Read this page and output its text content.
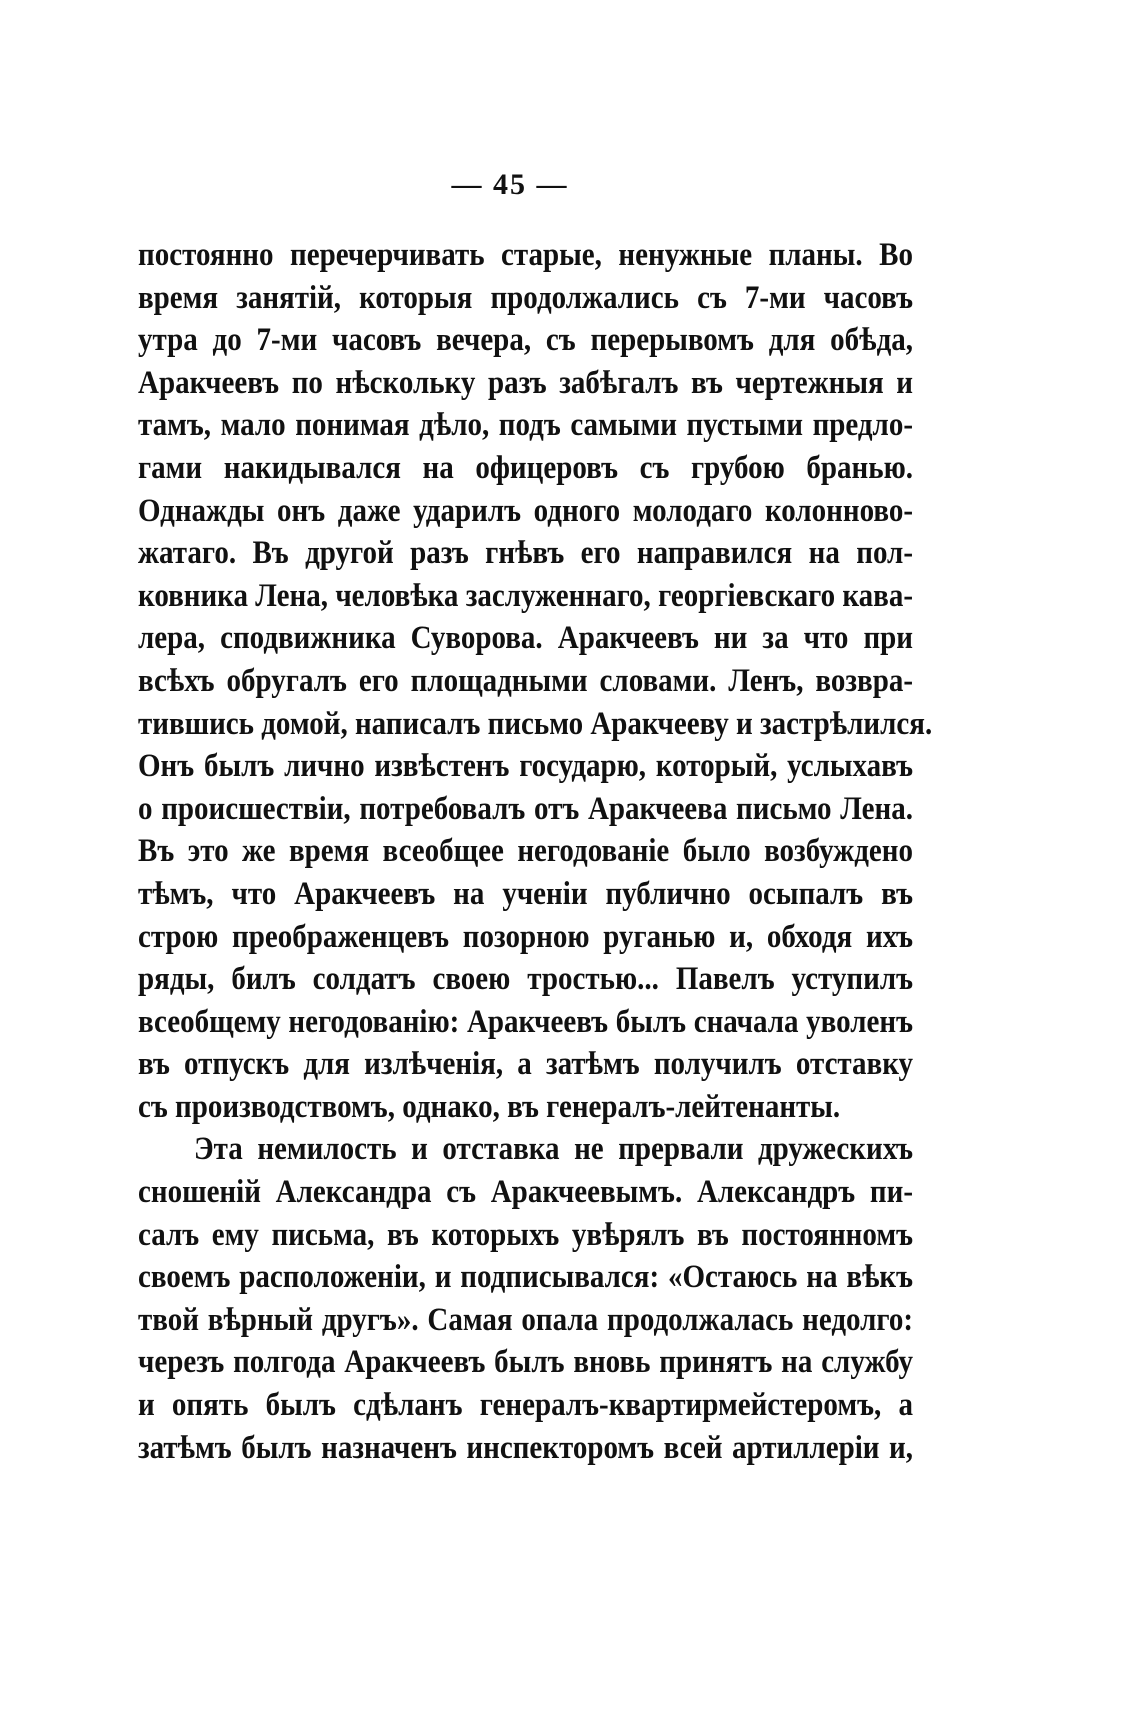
— 45 —
постоянно перечерчивать старые, ненужные планы. Во
время занятій, которыя продолжались съ 7-ми часовъ
утра до 7-ми часовъ вечера, съ перерывомъ для обѣда,
Аракчеевъ по нѣскольку разъ забѣгалъ въ чертежныя и
тамъ, мало понимая дѣло, подъ самыми пустыми предло-
гами накидывался на офицеровъ съ грубою бранью.
Однажды онъ даже ударилъ одного молодаго колонново-
жатаго. Въ другой разъ гнѣвъ его направился на пол-
ковника Лена, человѣка заслуженнаго, георгіевскаго кава-
лера, сподвижника Суворова. Аракчеевъ ни за что при
всѣхъ обругалъ его площадными словами. Ленъ, возвра-
тившись домой, написалъ письмо Аракчееву и застрѣлился.
Онъ былъ лично извѣстенъ государю, который, услыхавъ
о происшествіи, потребовалъ отъ Аракчеева письмо Лена.
Въ это же время всеобщее негодованіе было возбуждено
тѣмъ, что Аракчеевъ на ученіи публично осыпалъ въ
строю преображенцевъ позорною руганью и, обходя ихъ
ряды, билъ солдатъ своею тростью... Павелъ уступилъ
всеобщему негодованію: Аракчеевъ былъ сначала уволенъ
въ отпускъ для излѣченія, а затѣмъ получилъ отставку
съ производствомъ, однако, въ генералъ-лейтенанты.
Эта немилость и отставка не прервали дружескихъ
сношеній Александра съ Аракчеевымъ. Александръ пи-
салъ ему письма, въ которыхъ увѣрялъ въ постоянномъ
своемъ расположеніи, и подписывался: «Остаюсь на вѣкъ
твой вѣрный другъ». Самая опала продолжалась недолго:
черезъ полгода Аракчеевъ былъ вновь принятъ на службу
и опять былъ сдѣланъ генералъ-квартирмейстеромъ, а
затѣмъ былъ назначенъ инспекторомъ всей артиллеріи и,
